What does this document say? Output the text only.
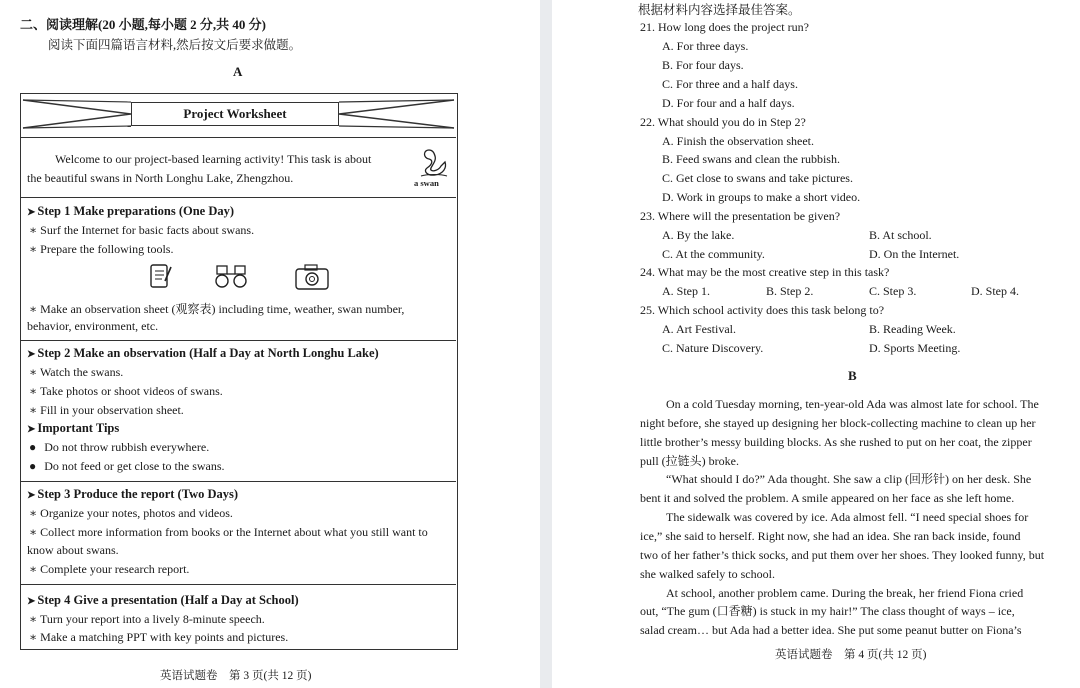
二、阅读理解(20 小题,每小题 2 分,共 40 分)
阅读下面四篇语言材料,然后按文后要求做题。
A
Project Worksheet
Welcome to our project-based learning activity! This task is about
the beautiful swans in North Longhu Lake, Zhengzhou.	a swan
➤ Step 1 Make preparations (One Day)
∗ Surf the Internet for basic facts about swans.
∗ Prepare the following tools.
∗ Make an observation sheet (观察表) including time, weather, swan number,
behavior, environment, etc.
➤ Step 2 Make an observation (Half a Day at North Longhu Lake)
∗ Watch the swans.
∗ Take photos or shoot videos of swans.
∗ Fill in your observation sheet.
➤ Important Tips
● Do not throw rubbish everywhere.
● Do not feed or get close to the swans.
➤ Step 3 Produce the report (Two Days)
∗ Organize your notes, photos and videos.
∗ Collect more information from books or the Internet about what you still want to
know about swans.
∗ Complete your research report.
➤ Step 4 Give a presentation (Half a Day at School)
∗ Turn your report into a lively 8-minute speech.
∗ Make a matching PPT with key points and pictures.
英语试题卷　第 3 页(共 12 页)
根据材料内容选择最佳答案。
21. How long does the project run?
A. For three days.
B. For four days.
C. For three and a half days.
D. For four and a half days.
22. What should you do in Step 2?
A. Finish the observation sheet.
B. Feed swans and clean the rubbish.
C. Get close to swans and take pictures.
D. Work in groups to make a short video.
23. Where will the presentation be given?
A. By the lake.	B. At school.
C. At the community.	D. On the Internet.
24. What may be the most creative step in this task?
A. Step 1.	B. Step 2.	C. Step 3.	D. Step 4.
25. Which school activity does this task belong to?
A. Art Festival.	B. Reading Week.
C. Nature Discovery.	D. Sports Meeting.
B
On a cold Tuesday morning, ten-year-old Ada was almost late for school. The
night before, she stayed up designing her block-collecting machine to clean up her
little brother’s messy building blocks. As she rushed to put on her coat, the zipper
pull (拉链头) broke.
“What should I do?” Ada thought. She saw a clip (回形针) on her desk. She
bent it and solved the problem. A smile appeared on her face as she left home.
The sidewalk was covered by ice. Ada almost fell. “I need special shoes for
ice,” she said to herself. Right now, she had an idea. She ran back inside, found
two of her father’s thick socks, and put them over her shoes. They looked funny, but
she walked safely to school.
At school, another problem came. During the break, her friend Fiona cried
out, “The gum (口香糖) is stuck in my hair!” The class thought of ways – ice,
salad cream… but Ada had a better idea. She put some peanut butter on Fiona’s
英语试题卷　第 4 页(共 12 页)
